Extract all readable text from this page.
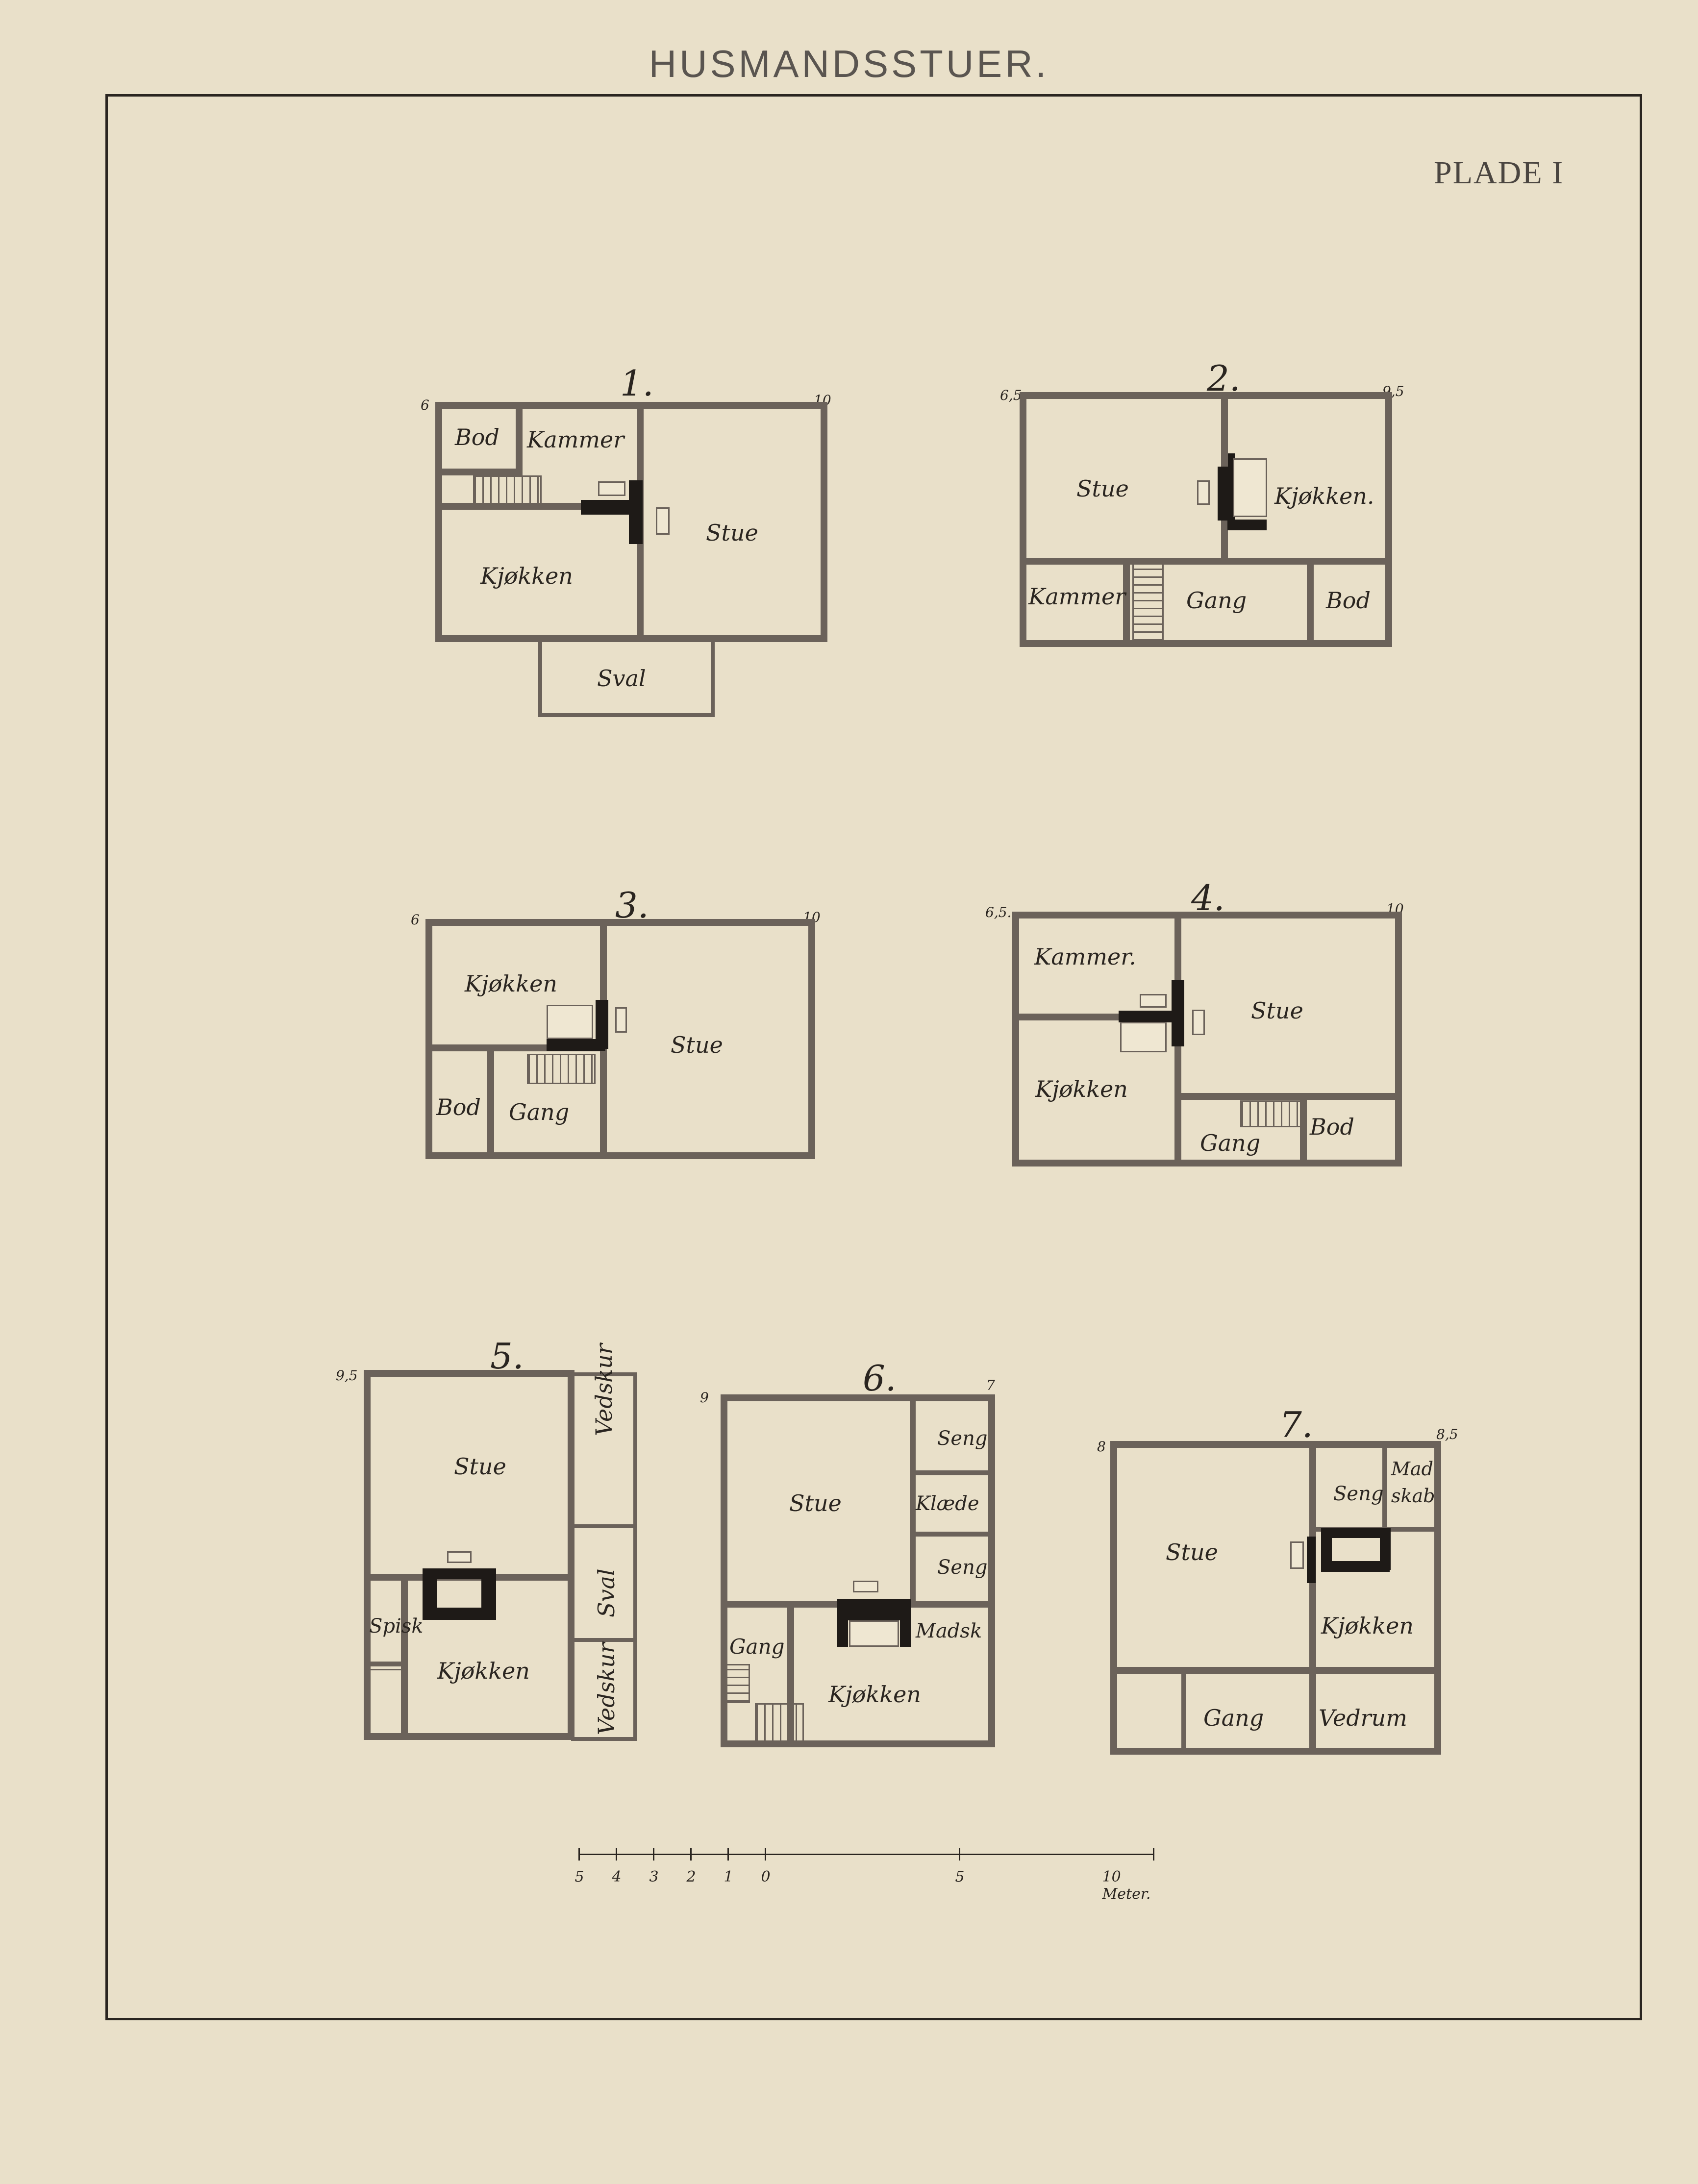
HUSMANDSSTUER.
PLADE I
1.
6	10
Bod Kammer
Stue
Kjøkken
Sval
2.
6,5	9,5
Stue	Kjøkken.
Kammer	Gang	Bod
3.
6	10
Kjøkken
Stue
Bod Gang
4.
6,5.	10
Kammer.
Stue
Kjøkken
Gang
Bod
5.
9,5
Stue
Vedskur
Sval
Vedskur
Spisk
Kjøkken
6.
9
7
Stue
Seng
Klæde
Seng
Gang
Madsk
Kjøkken
7.
8
8,5
Stue
Seng
Mad
skab
Kjøkken
Gang Vedrum
5 4 3 2 1 0	5	10 Meter.
